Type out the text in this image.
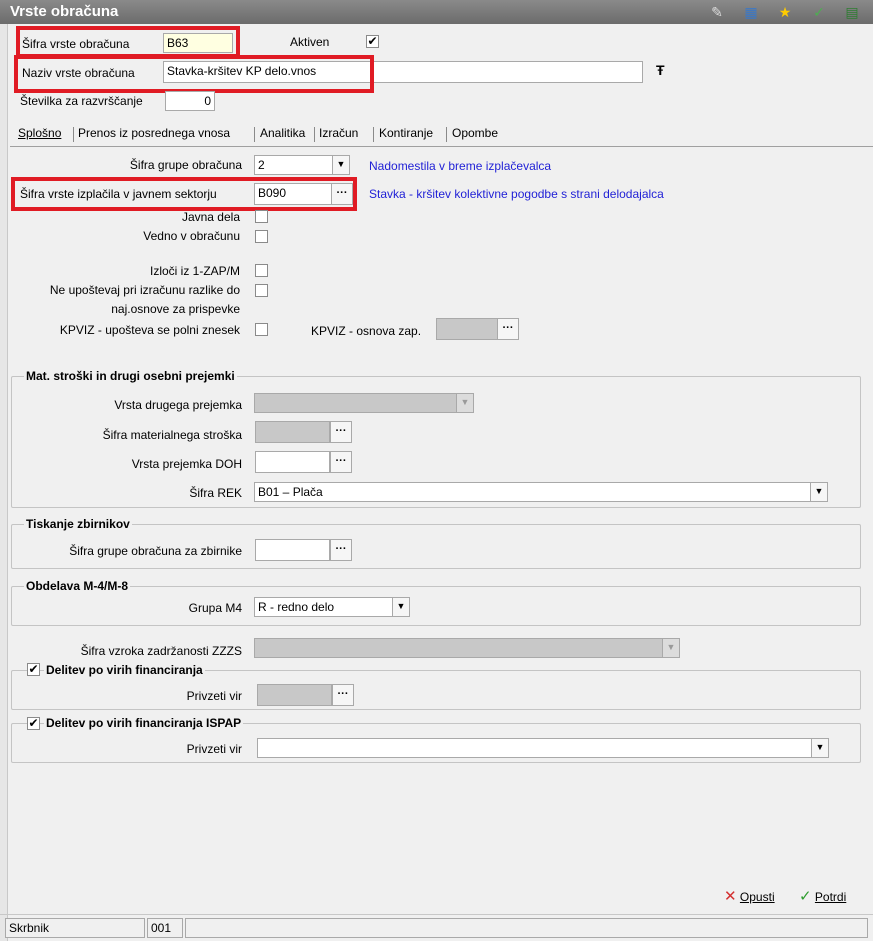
Vrste obračuna	✎ ▦ ★ ✓ ▤
Šifra vrste obračuna	B63	Aktiven	✔
Naziv vrste obračuna	Stavka-kršitev KP delo.vnos	Ŧ
Številka za razvrščanje	0
Splošno Prenos iz posrednega vnosa Analitika Izračun Kontiranje Opombe
Šifra grupe obračuna	2	▼	Nadomestila v breme izplačevalca
Šifra vrste izplačila v javnem sektorju	B090	···	Stavka - kršitev kolektivne pogodbe s strani delodajalca
Javna dela
Vedno v obračunu
Izloči iz 1-ZAP/M
Ne upoštevaj pri izračunu razlike do
naj.osnove za prispevke
KPVIZ - upošteva se polni znesek	KPVIZ - osnova zap.	···
Mat. stroški in drugi osebni prejemki
Vrsta drugega prejemka	▼
Šifra materialnega stroška	···
Vrsta prejemka DOH	···
Šifra REK	B01 – Plača	▼
Tiskanje zbirnikov
Šifra grupe obračuna za zbirnike	···
Obdelava M-4/M-8
Grupa M4	R - redno delo	▼
Šifra vzroka zadržanosti ZZZS	▼
✔ Delitev po virih financiranja
Privzeti vir	···
✔ Delitev po virih financiranja ISPAP
Privzeti vir	▼
✕ Opusti ✓ Potrdi
Skrbnik	001
